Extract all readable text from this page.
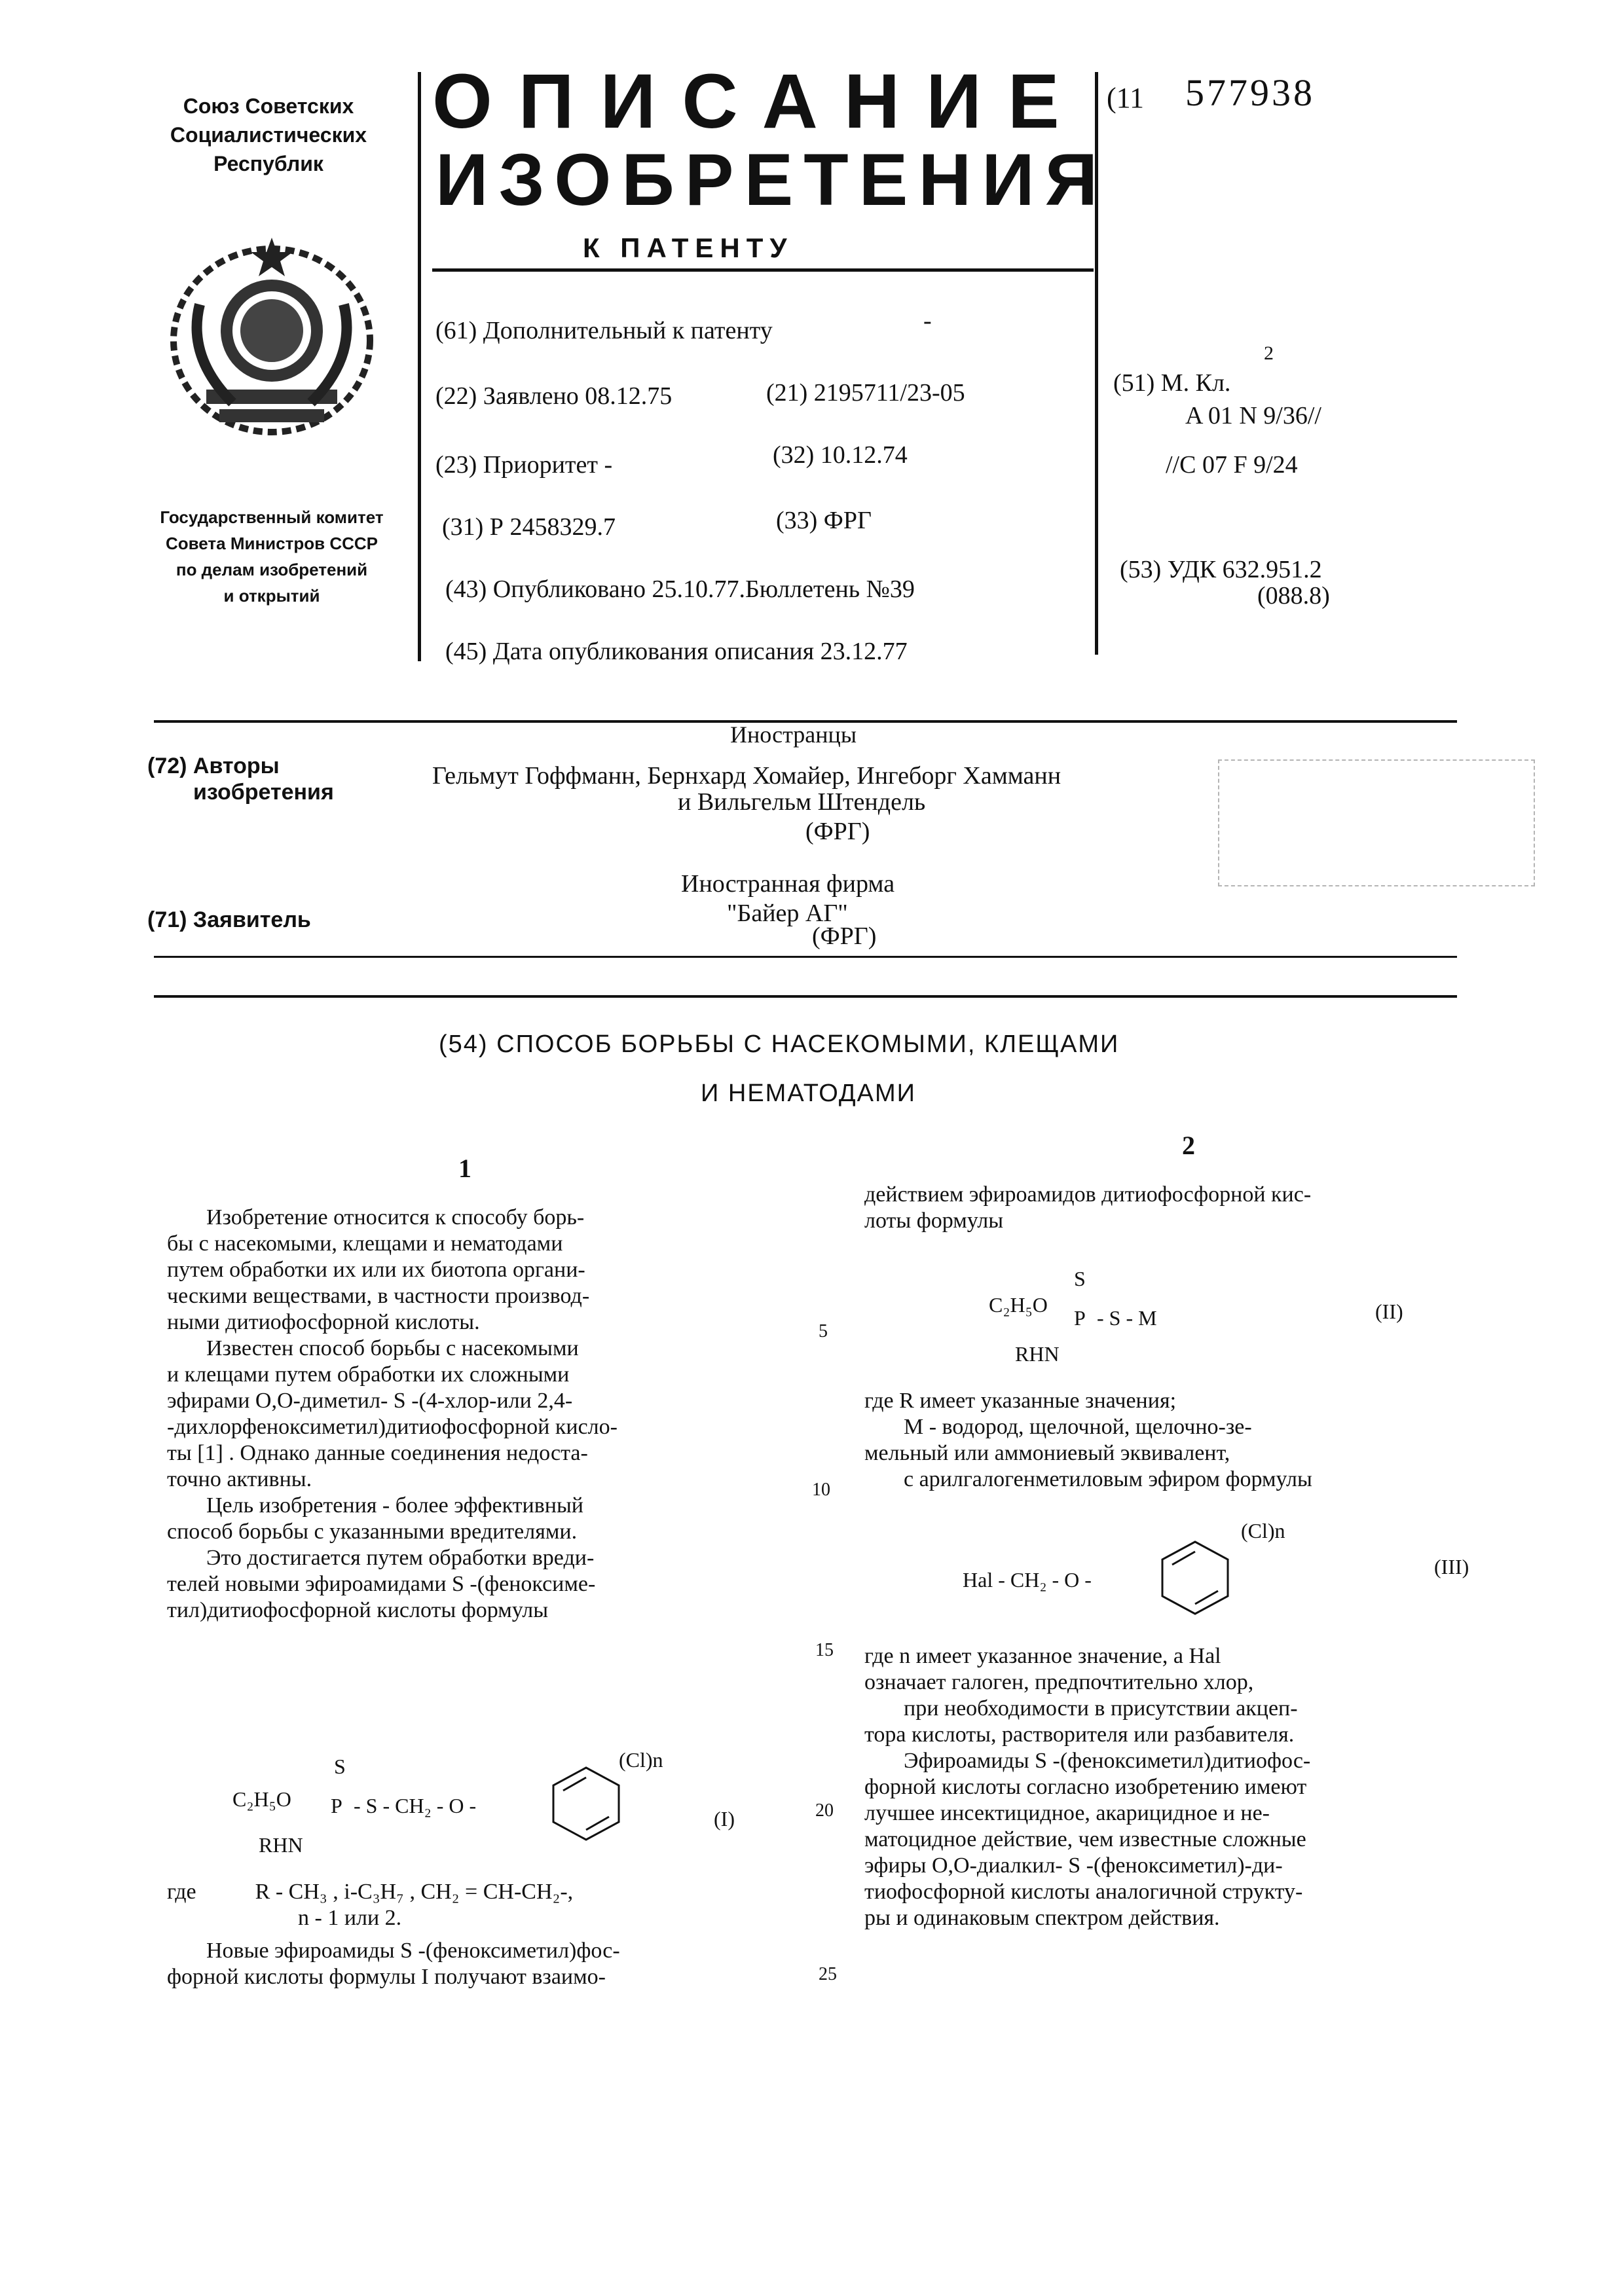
Союз Советских
Социалистических
Республик
Государственный комитет
Совета Министров СССР
по делам изобретений
и открытий
ОПИСАНИЕ
ИЗОБРЕТЕНИЯ
К ПАТЕНТУ
(11 577938
(61) Дополнительный к патенту	-
(22) Заявлено 08.12.75	(21) 2195711/23-05
(23) Приоритет -	(32) 10.12.74
(31) Р 2458329.7	(33) ФРГ
(43) Опубликовано 25.10.77.Бюллетень №39
(45) Дата опубликования описания 23.12.77
(51) М. Кл.
2
A 01 N 9/36//
//С 07 F 9/24
(53) УДК 632.951.2
(088.8)
Иностранцы
(72) Авторы
изобретения
Гельмут Гоффманн, Бернхард Хомайер, Ингеборг Хамманн
и Вильгельм Штендель
(ФРГ)
Иностранная фирма
(71) Заявитель	"Байер АГ"
(ФРГ)
(54) СПОСОБ БОРЬБЫ С НАСЕКОМЫМИ, КЛЕЩАМИ
И НЕМАТОДАМИ
1
2
Изобретение относится к способу борь-
бы с насекомыми, клещами и нематодами
путем обработки их или их биотопа органи-
ческими веществами, в частности производ-
ными дитиофосфорной кислоты.
Известен способ борьбы с насекомыми
и клещами путем обработки их сложными
эфирами О,О-диметил- S -(4-хлор-или 2,4-
-дихлорфеноксиметил)дитиофосфорной кисло-
ты [1] . Однако данные соединения недоста-
точно активны.
Цель изобретения - более эффективный
способ борьбы с указанными вредителями.
Это достигается путем обработки вреди-
телей новыми эфироамидами S -(феноксиме-
тил)дитиофосфорной кислоты формулы
5
10
15
20
25
S
C₂H₅O P - S - CH₂ - O -
RHN
(Cl)n
(I)
где	R - CH₃ , i-C₃H₇ , CH₂ = CH-CH₂-,
n - 1 или 2.
Новые эфироамиды S -(феноксиметил)фос-
форной кислоты формулы I получают взаимо-
действием эфироамидов дитиофосфорной кис-
лоты формулы
S
C₂H₅O
P - S - M
RHN
(II)
где R имеет указанные значения;
M - водород, щелочной, щелочно-зе-
мельный или аммониевый эквивалент,
с арилгалогенметиловым эфиром формулы
Hal - CH₂ - O -
(Cl)n
(III)
где n имеет указанное значение, а Hal
означает галоген, предпочтительно хлор,
при необходимости в присутствии акцеп-
тора кислоты, растворителя или разбавителя.
Эфироамиды S -(феноксиметил)дитиофос-
форной кислоты согласно изобретению имеют
лучшее инсектицидное, акарицидное и не-
матоцидное действие, чем известные сложные
эфиры О,О-диалкил- S -(феноксиметил)-ди-
тиофосфорной кислоты аналогичной структу-
ры и одинаковым спектром действия.
